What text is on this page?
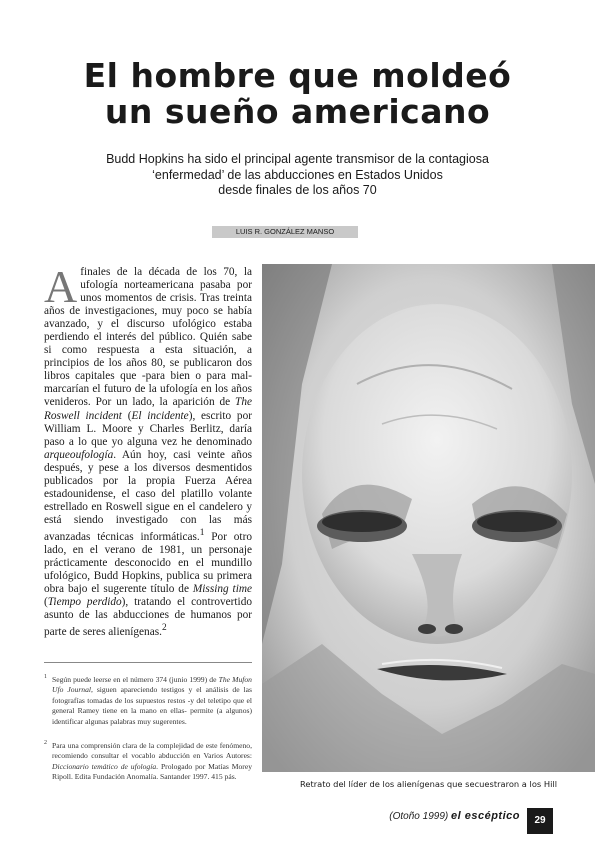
El hombre que moldeó
un sueño americano

Budd Hopkins ha sido el principal agente transmisor de la contagiosa
‘enfermedad’ de las abducciones en Estados Unidos
desde finales de los años 70

LUIS R. GONZÁLEZ MANSO
Afinales de la década de los 70, la ufología norteamericana pasaba por unos momentos de crisis. Tras treinta años de investigaciones, muy poco se había avanzado, y el discurso ufológico estaba perdiendo el interés del público. Quién sabe si como respuesta a esta situación, a principios de los años 80, se publicaron dos libros capitales que -para bien o para mal- marcarían el futuro de la ufología en los años venideros. Por un lado, la aparición de The Roswell incident (El incidente), escrito por William L. Moore y Charles Berlitz, daría paso a lo que yo alguna vez he denominado arqueoufología. Aún hoy, casi veinte años después, y pese a los diversos desmentidos publicados por la propia Fuerza Aérea estadounidense, el caso del platillo volante estrellado en Roswell sigue en el candelero y está siendo investigado con las más avanzadas técnicas informáticas.$^1$ Por otro lado, en el verano de 1981, un personaje prácticamente desconocido en el mundillo ufológico, Budd Hopkins, publica su primera obra bajo el sugerente título de Missing time (Tiempo perdido), tratando el controvertido asunto de las abducciones de humanos por parte de seres alienígenas.$^2$

$^1$ Según puede leerse en el número 374 (junio 1999) de The Mufon Ufo Journal, siguen apareciendo testigos y el análisis de las fotografías tomadas de los supuestos restos -y del teletipo que el general Ramey tiene en la mano en ellas- permite (a algunos) identificar algunas palabras muy sugerentes.

$^2$ Para una comprensión clara de la complejidad de este fenómeno, recomiendo consultar el vocablo abducción en Varios Autores: Diccionario temático de ufología. Prologado por Matías Morey Ripoll. Edita Fundación Anomalía. Santander 1997. 415 pás.

Retrato del líder de los alienígenas que secuestraron a los Hill

(Otoño 1999) el escéptico	29
